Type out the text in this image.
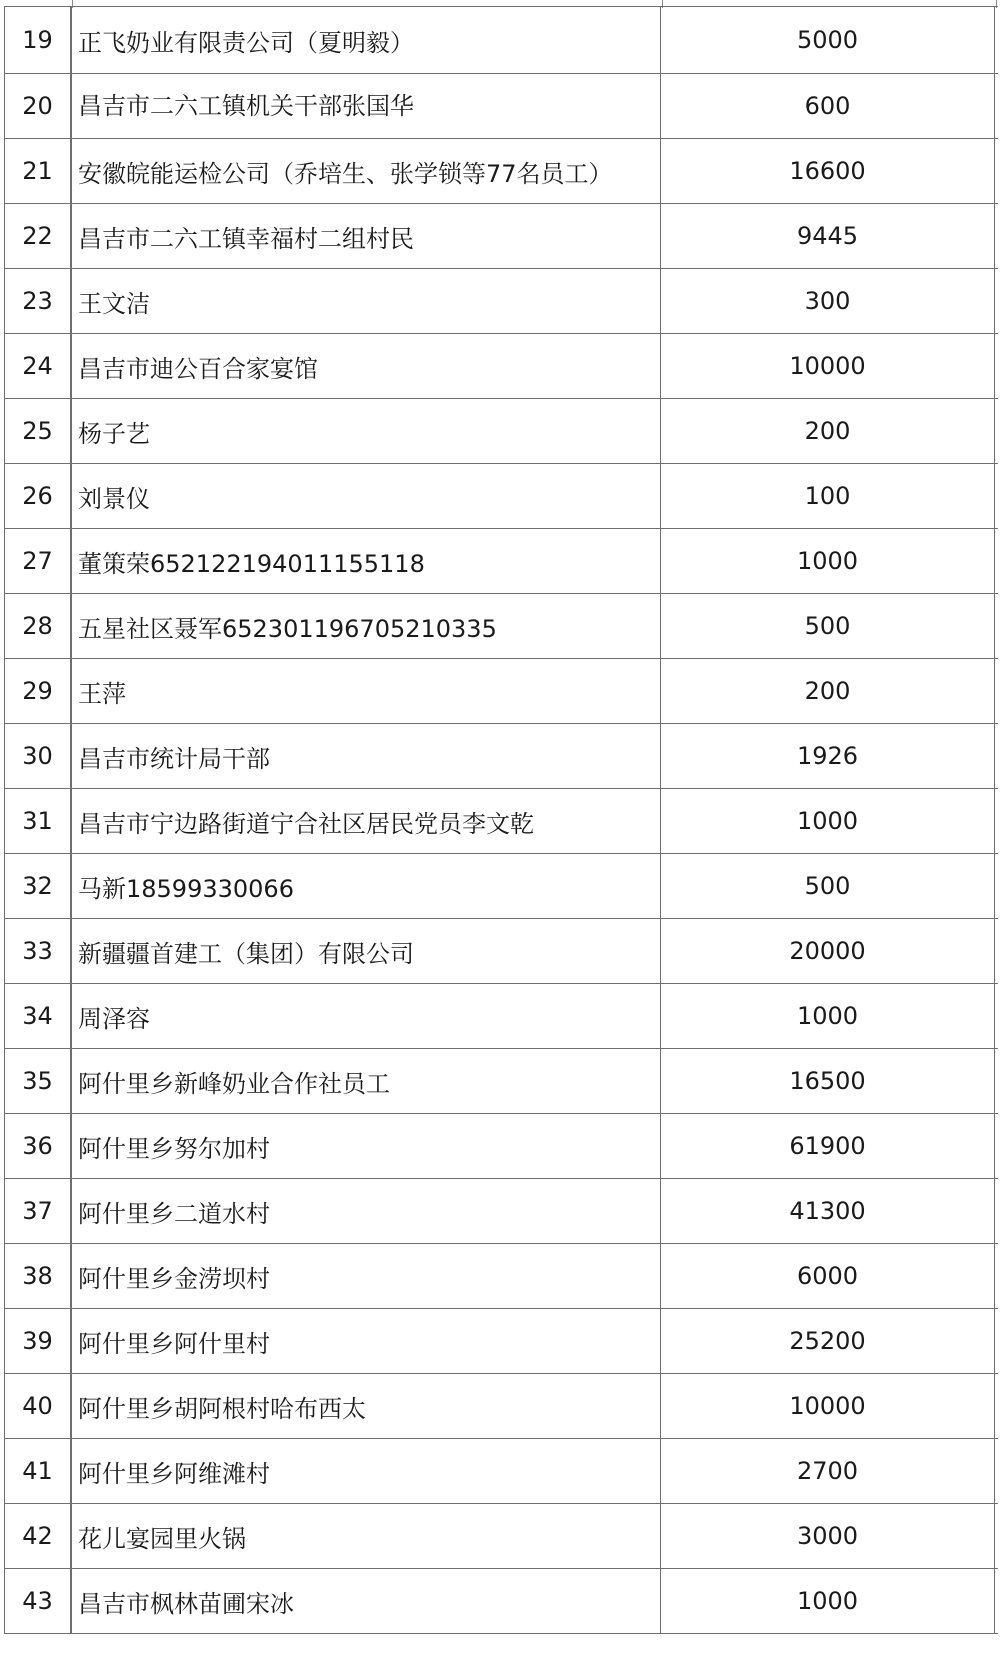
19	正飞奶业有限责公司（夏明毅）	5000
20	昌吉市二六工镇机关干部张国华	600
21	安徽皖能运检公司（乔培生、张学锁等77名员工）	16600
22	昌吉市二六工镇幸福村二组村民	9445
23	王文洁	300
24	昌吉市迪公百合家宴馆	10000
25	杨子艺	200
26	刘景仪	100
27	董策荣652122194011155118	1000
28	五星社区聂军652301196705210335	500
29	王萍	200
30	昌吉市统计局干部	1926
31	昌吉市宁边路街道宁合社区居民党员李文乾	1000
32	马新18599330066	500
33	新疆疆首建工（集团）有限公司	20000
34	周泽容	1000
35	阿什里乡新峰奶业合作社员工	16500
36	阿什里乡努尔加村	61900
37	阿什里乡二道水村	41300
38	阿什里乡金涝坝村	6000
39	阿什里乡阿什里村	25200
40	阿什里乡胡阿根村哈布西太	10000
41	阿什里乡阿维滩村	2700
42	花儿宴园里火锅	3000
43	昌吉市枫林苗圃宋冰	1000
